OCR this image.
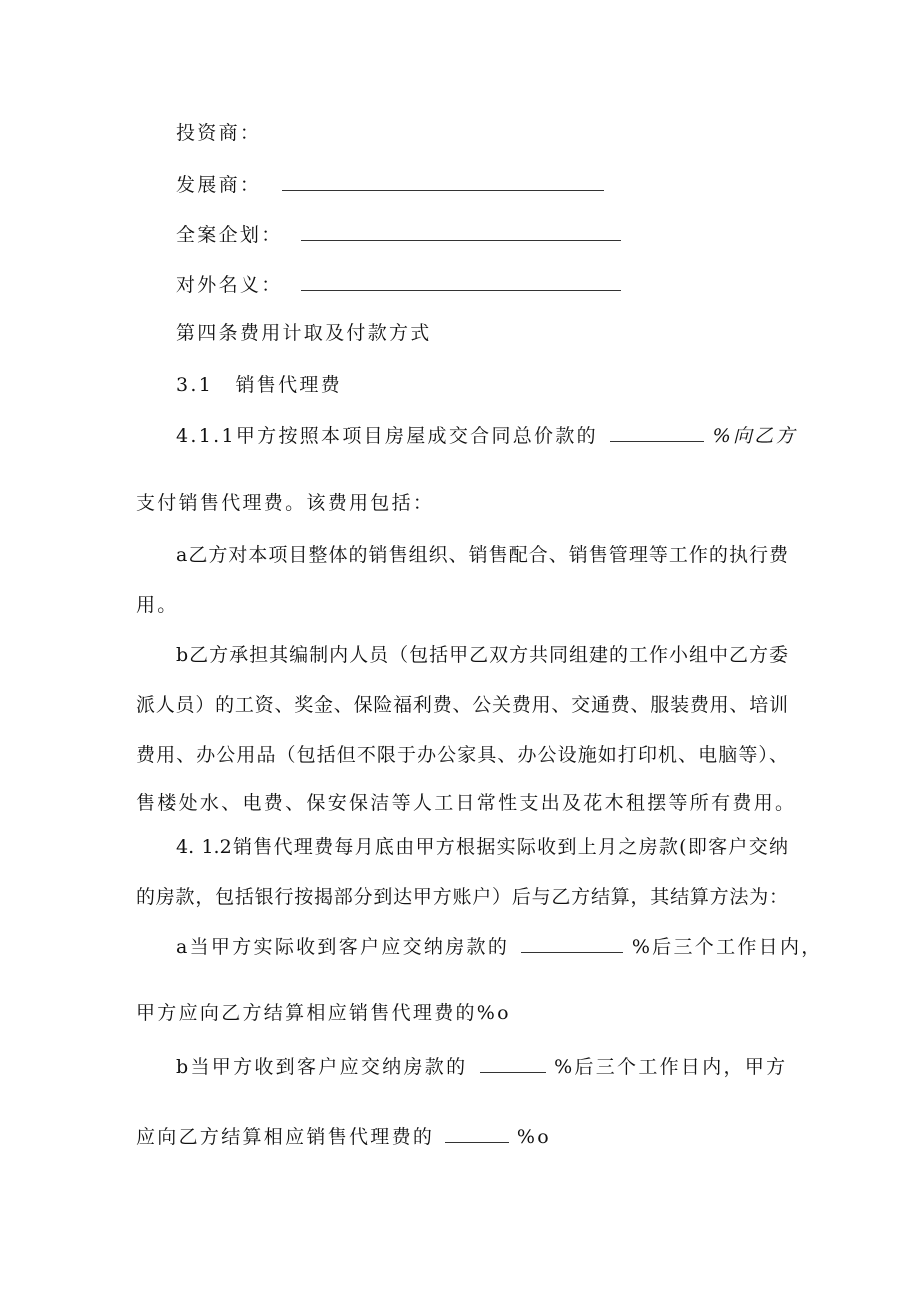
投资商：
发展商：
全案企划：
对外名义：
第四条费用计取及付款方式
3.1 销售代理费
4.1.1甲方按照本项目房屋成交合同总价款的	%向乙方
支付销售代理费。该费用包括：
a乙方对本项目整体的销售组织、销售配合、销售管理等工作的执行费
用。
b乙方承担其编制内人员（包括甲乙双方共同组建的工作小组中乙方委
派人员）的工资、奖金、保险福利费、公关费用、交通费、服装费用、培训
费用、办公用品（包括但不限于办公家具、办公设施如打印机、电脑等）、
售楼处水、电费、保安保洁等人工日常性支出及花木租摆等所有费用。
4. 1.2销售代理费每月底由甲方根据实际收到上月之房款(即客户交纳
的房款，包括银行按揭部分到达甲方账户）后与乙方结算，其结算方法为：
a当甲方实际收到客户应交纳房款的	%后三个工作日内，
甲方应向乙方结算相应销售代理费的%o
b当甲方收到客户应交纳房款的	%后三个工作日内，甲方
应向乙方结算相应销售代理费的	%o
